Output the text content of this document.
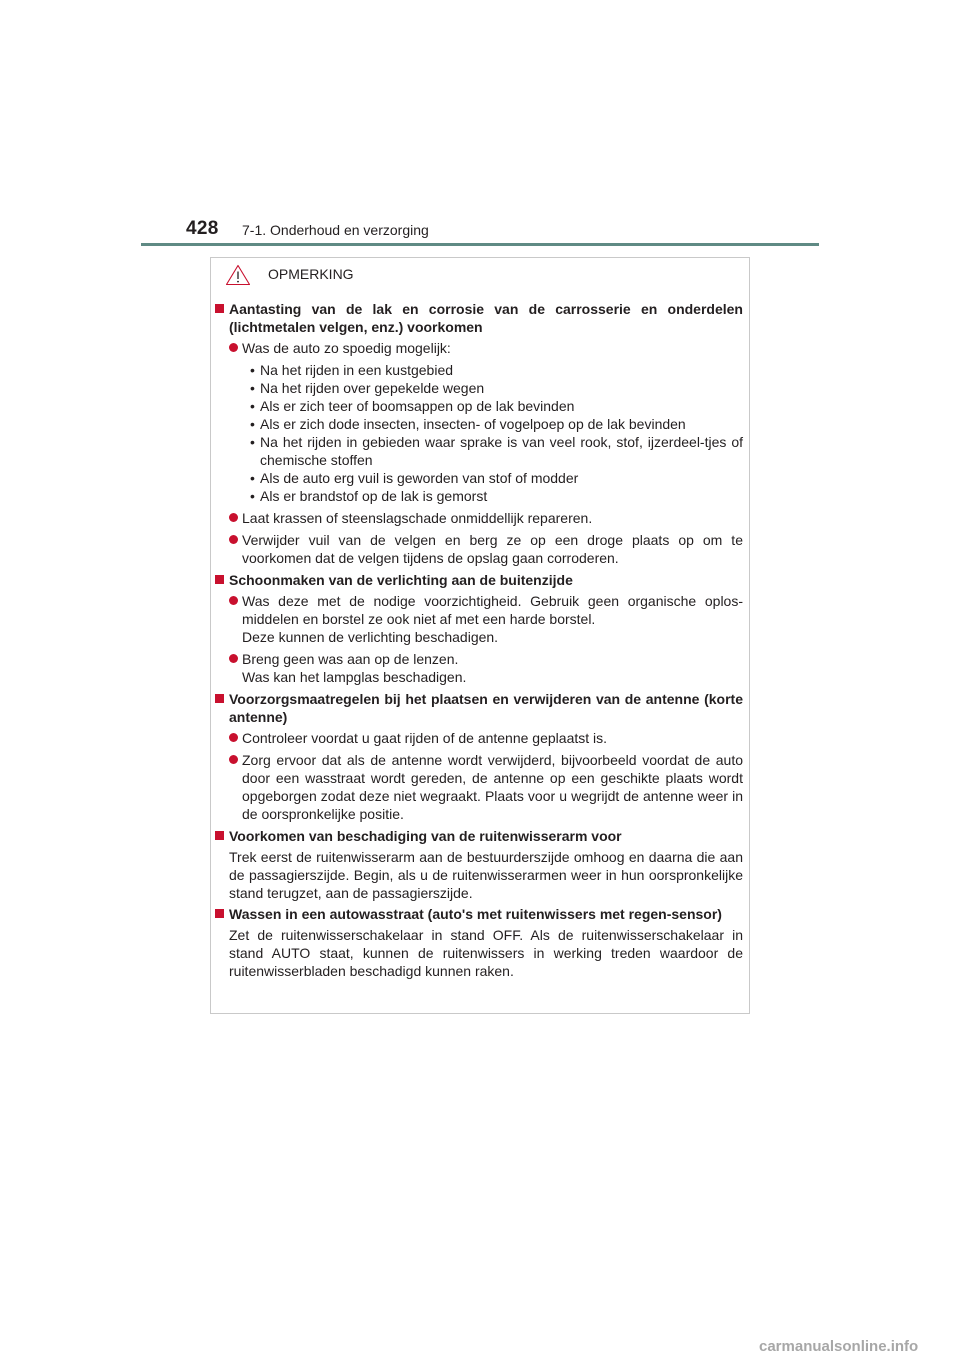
428 7-1. Onderhoud en verzorging
OPMERKING
Aantasting van de lak en corrosie van de carrosserie en onderdelen (lichtmetalen velgen, enz.) voorkomen
Was de auto zo spoedig mogelijk:
• Na het rijden in een kustgebied
• Na het rijden over gepekelde wegen
• Als er zich teer of boomsappen op de lak bevinden
• Als er zich dode insecten, insecten- of vogelpoep op de lak bevinden
• Na het rijden in gebieden waar sprake is van veel rook, stof, ijzerdeel-tjes of chemische stoffen
• Als de auto erg vuil is geworden van stof of modder
• Als er brandstof op de lak is gemorst
Laat krassen of steenslagschade onmiddellijk repareren.
Verwijder vuil van de velgen en berg ze op een droge plaats op om te voorkomen dat de velgen tijdens de opslag gaan corroderen.
Schoonmaken van de verlichting aan de buitenzijde
Was deze met de nodige voorzichtigheid. Gebruik geen organische oplos-middelen en borstel ze ook niet af met een harde borstel.
Deze kunnen de verlichting beschadigen.
Breng geen was aan op de lenzen.
Was kan het lampglas beschadigen.
Voorzorgsmaatregelen bij het plaatsen en verwijderen van de antenne (korte antenne)
Controleer voordat u gaat rijden of de antenne geplaatst is.
Zorg ervoor dat als de antenne wordt verwijderd, bijvoorbeeld voordat de auto door een wasstraat wordt gereden, de antenne op een geschikte plaats wordt opgeborgen zodat deze niet wegraakt. Plaats voor u wegrijdt de antenne weer in de oorspronkelijke positie.
Voorkomen van beschadiging van de ruitenwisserarm voor
Trek eerst de ruitenwisserarm aan de bestuurderszijde omhoog en daarna die aan de passagierszijde. Begin, als u de ruitenwisserarmen weer in hun oorspronkelijke stand terugzet, aan de passagierszijde.
Wassen in een autowasstraat (auto's met ruitenwissers met regen-sensor)
Zet de ruitenwisserschakelaar in stand OFF. Als de ruitenwisserschakelaar in stand AUTO staat, kunnen de ruitenwissers in werking treden waardoor de ruitenwisserbladen beschadigd kunnen raken.
carmanualsonline.info
